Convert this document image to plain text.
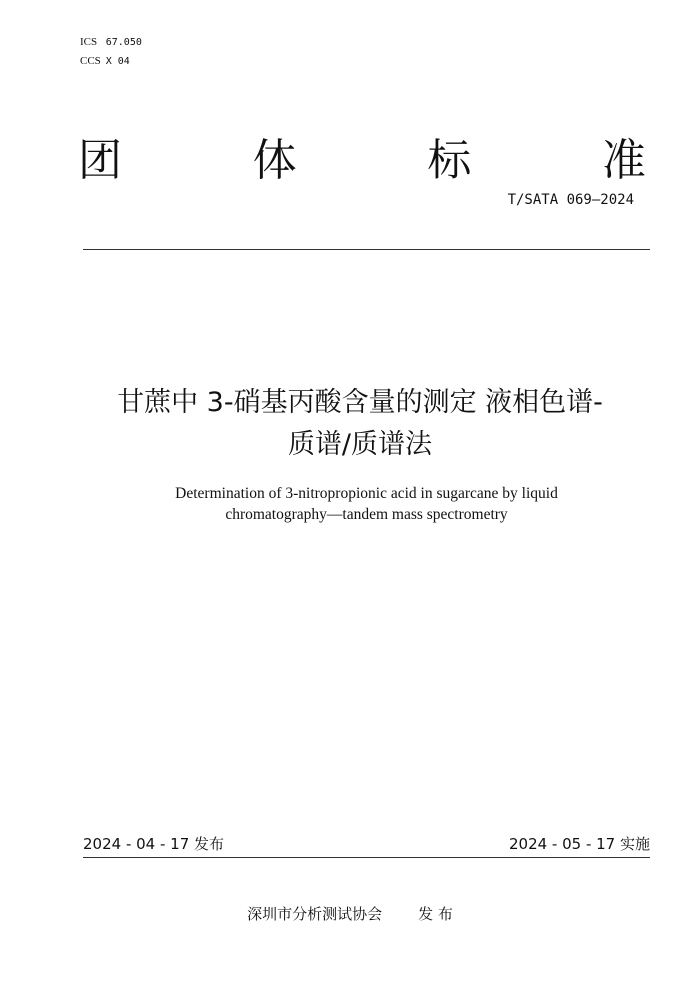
ICS 67.050
CCS X 04
团	体	标	准
T/SATA 069—2024
甘蔗中 3-硝基丙酸含量的测定 液相色谱-
质谱/质谱法
Determination of 3-nitropropionic acid in sugarcane by liquid
chromatography—tandem mass spectrometry
2024 - 04 - 17 发布	2024 - 05 - 17 实施
深圳市分析测试协会 发 布
